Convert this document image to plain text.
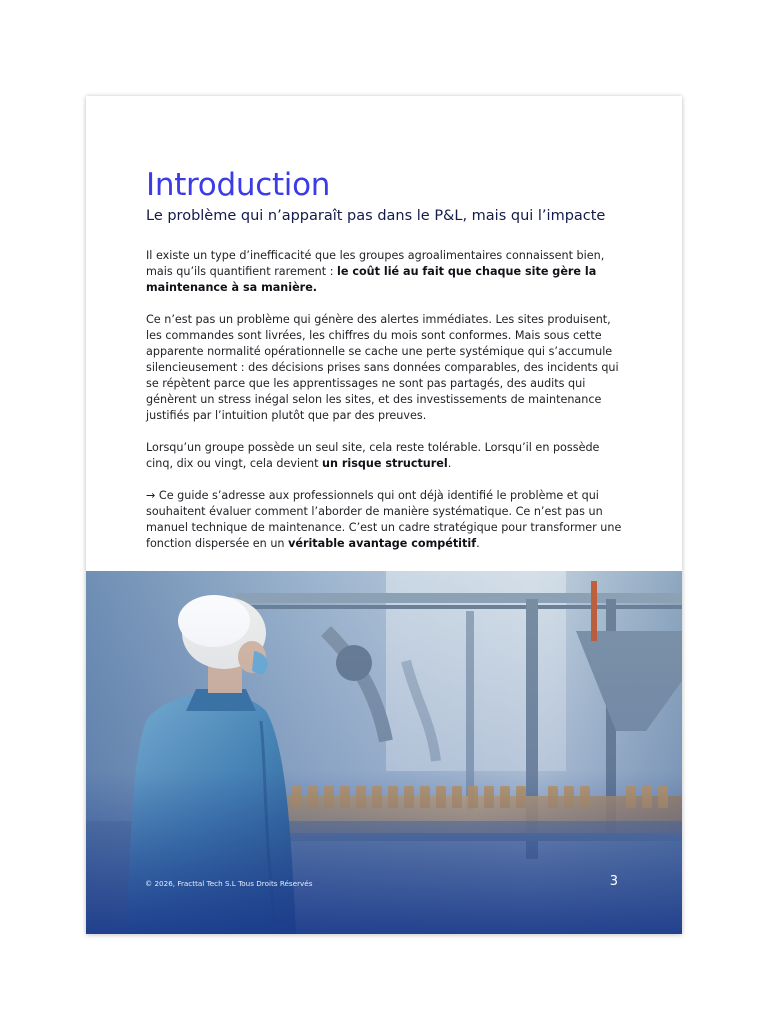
Introduction
Le problème qui n’apparaît pas dans le P&L, mais qui l’impacte

Il existe un type d’inefficacité que les groupes agroalimentaires connaissent bien, mais qu’ils quantifient rarement : le coût lié au fait que chaque site gère la maintenance à sa manière.

Ce n’est pas un problème qui génère des alertes immédiates. Les sites produisent, les commandes sont livrées, les chiffres du mois sont conformes. Mais sous cette apparente normalité opérationnelle se cache une perte systémique qui s’accumule silencieusement : des décisions prises sans données comparables, des incidents qui se répètent parce que les apprentissages ne sont pas partagés, des audits qui génèrent un stress inégal selon les sites, et des investissements de maintenance justifiés par l’intuition plutôt que par des preuves.

Lorsqu’un groupe possède un seul site, cela reste tolérable. Lorsqu’il en possède cinq, dix ou vingt, cela devient un risque structurel.

→ Ce guide s’adresse aux professionnels qui ont déjà identifié le problème et qui souhaitent évaluer comment l’aborder de manière systématique. Ce n’est pas un manuel technique de maintenance. C’est un cadre stratégique pour transformer une fonction dispersée en un véritable avantage compétitif.

© 2026, Fracttal Tech S.L Tous Droits Réservés	3
